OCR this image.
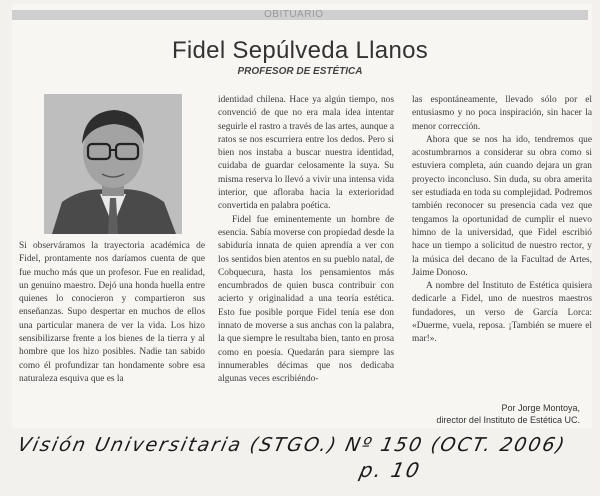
OBITUARIO
Fidel Sepúlveda Llanos
PROFESOR DE ESTÉTICA

Si observáramos la trayectoria académica de Fidel, prontamente nos daríamos cuenta de que fue mucho más que un profesor. Fue en realidad, un genuino maestro. Dejó una honda huella entre quienes lo conocieron y compartieron sus enseñanzas. Supo despertar en muchos de ellos una particular manera de ver la vida. Los hizo sensibilizarse frente a los bienes de la tierra y al hombre que los hizo posibles. Nadie tan sabido como él profundizar tan hondamente sobre esa naturaleza esquiva que es la

identidad chilena. Hace ya algún tiempo, nos convenció de que no era mala idea intentar seguirle el rastro a través de las artes, aunque a ratos se nos escurriera entre los dedos. Pero si bien nos instaba a buscar nuestra identidad, cuidaba de guardar celosamente la suya. Su misma reserva lo llevó a vivir una intensa vida interior, que afloraba hacia la exterioridad convertida en palabra poética.

Fidel fue eminentemente un hombre de esencia. Sabía moverse con propiedad desde la sabiduría innata de quien aprendía a ver con los sentidos bien atentos en su pueblo natal, de Cobquecura, hasta los pensamientos más encumbrados de quien busca contribuir con acierto y originalidad a una teoría estética. Esto fue posible porque Fidel tenía ese don innato de moverse a sus anchas con la palabra, la que siempre le resultaba bien, tanto en prosa como en poesía. Quedarán para siempre las innumerables décimas que nos dedicaba algunas veces escribiéndo-

las espontáneamente, llevado sólo por el entusiasmo y no poca inspiración, sin hacer la menor corrección.

Ahora que se nos ha ido, tendremos que acostumbrarnos a considerar su obra como si estuviera completa, aún cuando dejara un gran proyecto inconcluso. Sin duda, su obra amerita ser estudiada en toda su complejidad. Podremos también reconocer su presencia cada vez que tengamos la oportunidad de cumplir el nuevo himno de la universidad, que Fidel escribió hace un tiempo a solicitud de nuestro rector, y la música del decano de la Facultad de Artes, Jaime Donoso.

A nombre del Instituto de Estética quisiera dedicarle a Fidel, uno de nuestros maestros fundadores, un verso de García Lorca: «Duerme, vuela, reposa. ¡También se muere el mar!».

Por Jorge Montoya,
director del Instituto de Estética UC.
Visión Universitaria (STGO.) Nº 150 (OCT. 2006)
p. 10
